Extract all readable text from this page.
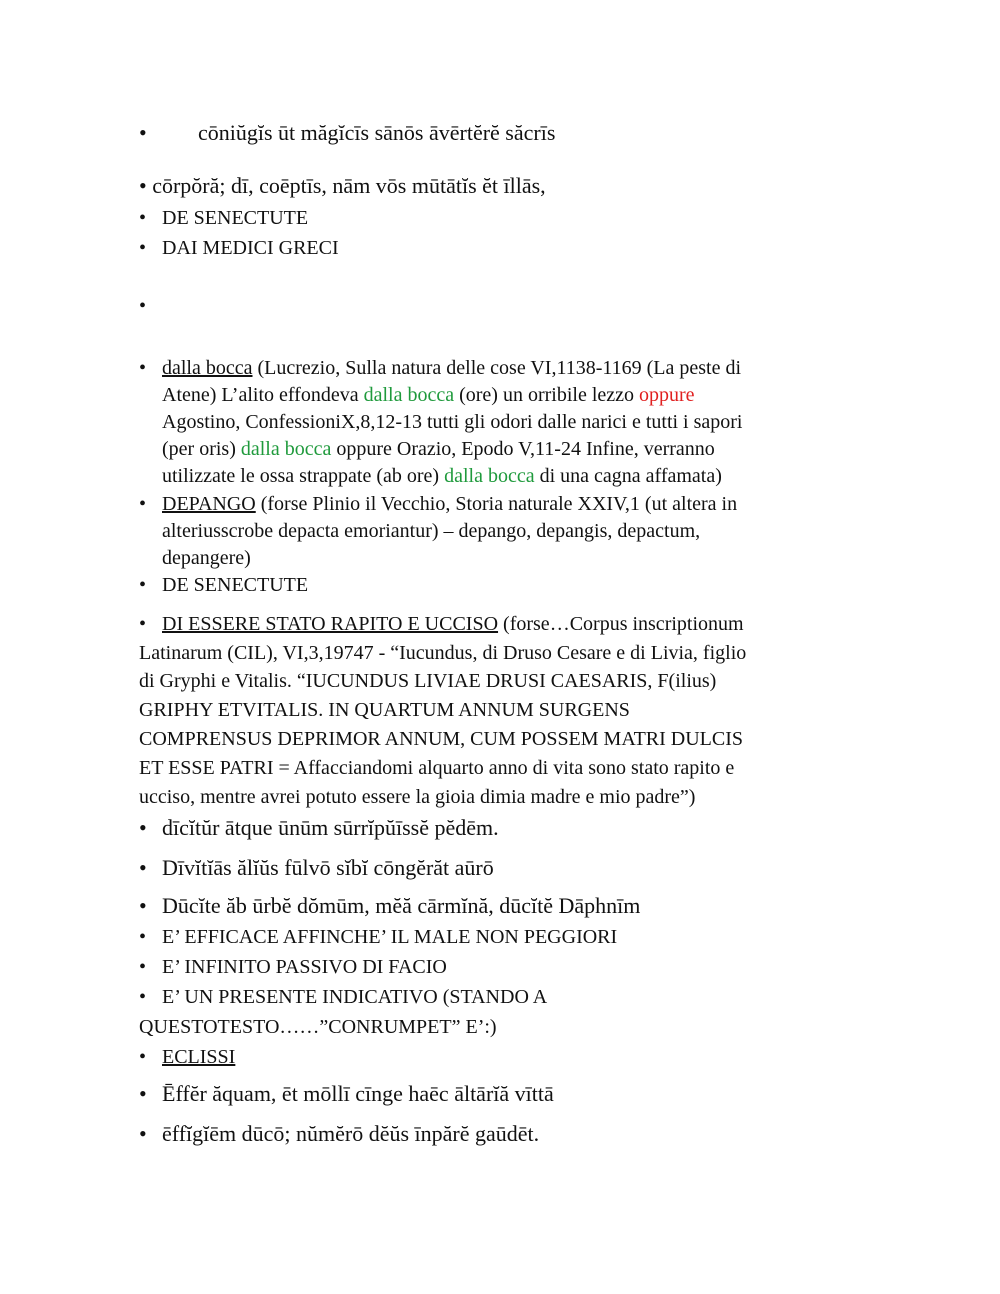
• cōniŭgĭs ūt măgĭcīs sānōs āvērtĕrĕ săcrīs
• cōrpŏră; dī, coēptīs, nām vōs mūtātĭs ĕt īllās,
• DE SENECTUTE
• DAI MEDICI GRECI
•
• dalla bocca (Lucrezio, Sulla natura delle cose VI,1138-1169 (La peste di
Atene) L’alito effondeva dalla bocca (ore) un orribile lezzo oppure
Agostino, ConfessioniX,8,12-13 tutti gli odori dalle narici e tutti i sapori
(per oris) dalla bocca oppure Orazio, Epodo V,11-24 Infine, verranno
utilizzate le ossa strappate (ab ore) dalla bocca di una cagna affamata)
• DEPANGO (forse Plinio il Vecchio, Storia naturale XXIV,1 (ut altera in
alteriusscrobe depacta emoriantur) – depango, depangis, depactum,
depangere)
• DE SENECTUTE
• DI ESSERE STATO RAPITO E UCCISO (forse…Corpus inscriptionum
Latinarum (CIL), VI,3,19747 - “Iucundus, di Druso Cesare e di Livia, figlio
di Gryphi e Vitalis. “IUCUNDUS LIVIAE DRUSI CAESARIS, F(ilius)
GRIPHY ETVITALIS. IN QUARTUM ANNUM SURGENS
COMPRENSUS DEPRIMOR ANNUM, CUM POSSEM MATRI DULCIS
ET ESSE PATRI = Affacciandomi alquarto anno di vita sono stato rapito e
ucciso, mentre avrei potuto essere la gioia dimia madre e mio padre”)
• dīcĭtŭr ātque ūnūm sūrrĭpŭīssĕ pĕdēm.
• Dīvĭtĭās ălĭŭs fūlvō sĭbĭ cōngĕrăt aūrō
• Dūcĭte ăb ūrbĕ dŏmūm, mĕă cārmĭnă, dūcĭtĕ Dāphnīm
• E’ EFFICACE AFFINCHE’ IL MALE NON PEGGIORI
• E’ INFINITO PASSIVO DI FACIO
• E’ UN PRESENTE INDICATIVO (STANDO A
QUESTOTESTO……”CONRUMPET” E’:)
• ECLISSI
• Ēffĕr ăquam, ēt mōllī cīnge haēc āltārĭă vīttā
• ēffĭgĭēm dūcō; nŭmĕrō dĕŭs īnpărĕ gaūdēt.
